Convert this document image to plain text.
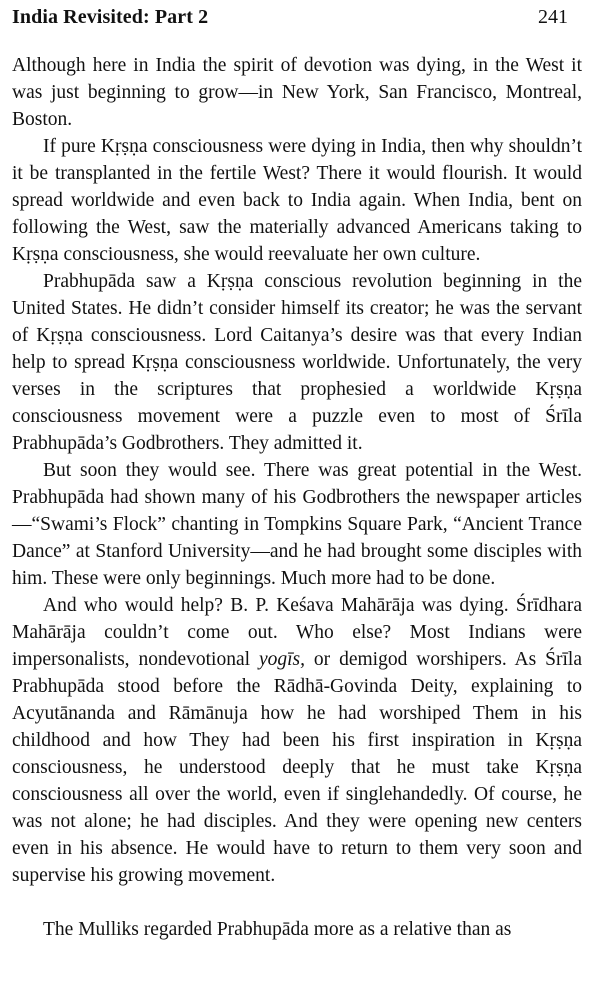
India Revisited: Part 2	241

Although here in India the spirit of devotion was dying, in the West it was just beginning to grow—in New York, San Francisco, Montreal, Boston.

If pure Kṛṣṇa consciousness were dying in India, then why shouldn’t it be transplanted in the fertile West? There it would flourish. It would spread worldwide and even back to India again. When India, bent on following the West, saw the materially advanced Americans taking to Kṛṣṇa consciousness, she would reevaluate her own culture.

Prabhupāda saw a Kṛṣṇa conscious revolution beginning in the United States. He didn’t consider himself its creator; he was the servant of Kṛṣṇa consciousness. Lord Caitanya’s desire was that every Indian help to spread Kṛṣṇa consciousness worldwide. Unfortunately, the very verses in the scriptures that prophesied a worldwide Kṛṣṇa consciousness movement were a puzzle even to most of Śrīla Prabhupāda’s Godbrothers. They admitted it.

But soon they would see. There was great potential in the West. Prabhupāda had shown many of his Godbrothers the newspaper articles—“Swami’s Flock” chanting in Tompkins Square Park, “Ancient Trance Dance” at Stanford University—and he had brought some disciples with him. These were only beginnings. Much more had to be done.

And who would help? B. P. Keśava Mahārāja was dying. Śrīdhara Mahārāja couldn’t come out. Who else? Most Indians were impersonalists, nondevotional yogīs, or demigod worshipers. As Śrīla Prabhupāda stood before the Rādhā-Govinda Deity, explaining to Acyutānanda and Rāmānuja how he had worshiped Them in his childhood and how They had been his first inspiration in Kṛṣṇa consciousness, he understood deeply that he must take Kṛṣṇa consciousness all over the world, even if singlehandedly. Of course, he was not alone; he had disciples. And they were opening new centers even in his absence. He would have to return to them very soon and supervise his growing movement.

The Mulliks regarded Prabhupāda more as a relative than as
